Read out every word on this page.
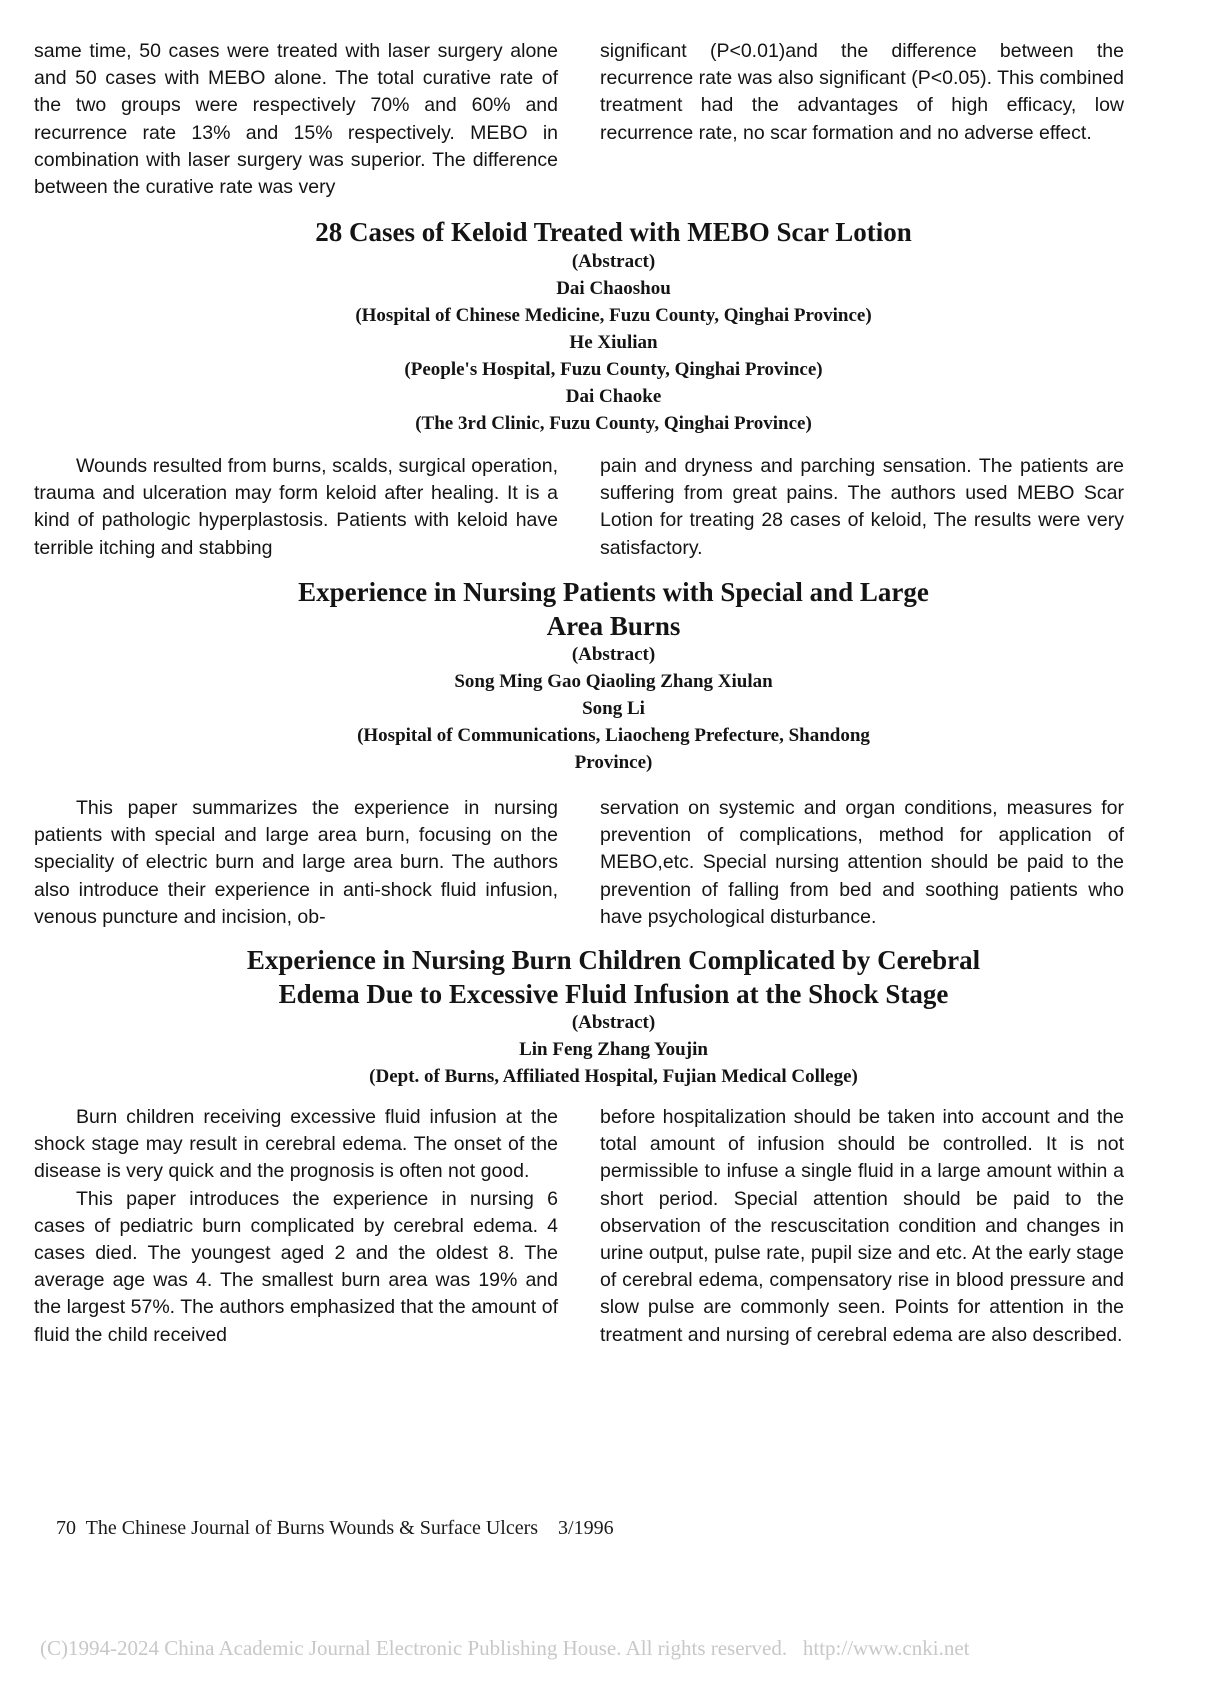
same time, 50 cases were treated with laser surgery alone and 50 cases with MEBO alone. The total curative rate of the two groups were respectively 70% and 60% and recurrence rate 13% and 15% respectively. MEBO in combination with laser surgery was superior. The difference between the curative rate was very

significant (P<0.01)and the difference between the recurrence rate was also significant (P<0.05). This combined treatment had the advantages of high efficacy, low recurrence rate, no scar formation and no adverse effect.

28 Cases of Keloid Treated with MEBO Scar Lotion
(Abstract)
Dai Chaoshou
(Hospital of Chinese Medicine, Fuzu County, Qinghai Province)
He Xiulian
(People's Hospital, Fuzu County, Qinghai Province)
Dai Chaoke
(The 3rd Clinic, Fuzu County, Qinghai Province)

Wounds resulted from burns, scalds, surgical operation, trauma and ulceration may form keloid after healing. It is a kind of pathologic hyperplastosis. Patients with keloid have terrible itching and stabbing

pain and dryness and parching sensation. The patients are suffering from great pains. The authors used MEBO Scar Lotion for treating 28 cases of keloid, The results were very satisfactory.

Experience in Nursing Patients with Special and Large
Area Burns
(Abstract)
Song Ming Gao Qiaoling Zhang Xiulan
Song Li
(Hospital of Communications, Liaocheng Prefecture, Shandong
Province)

This paper summarizes the experience in nursing patients with special and large area burn, focusing on the speciality of electric burn and large area burn. The authors also introduce their experience in anti-shock fluid infusion, venous puncture and incision, ob-

servation on systemic and organ conditions, measures for prevention of complications, method for application of MEBO,etc. Special nursing attention should be paid to the prevention of falling from bed and soothing patients who have psychological disturbance.

Experience in Nursing Burn Children Complicated by Cerebral
Edema Due to Excessive Fluid Infusion at the Shock Stage
(Abstract)
Lin Feng Zhang Youjin
(Dept. of Burns, Affiliated Hospital, Fujian Medical College)

Burn children receiving excessive fluid infusion at the shock stage may result in cerebral edema. The onset of the disease is very quick and the prognosis is often not good.

This paper introduces the experience in nursing 6 cases of pediatric burn complicated by cerebral edema. 4 cases died. The youngest aged 2 and the oldest 8. The average age was 4. The smallest burn area was 19% and the largest 57%. The authors emphasized that the amount of fluid the child received

before hospitalization should be taken into account and the total amount of infusion should be controlled. It is not permissible to infuse a single fluid in a large amount within a short period. Special attention should be paid to the observation of the rescuscitation condition and changes in urine output, pulse rate, pupil size and etc. At the early stage of cerebral edema, compensatory rise in blood pressure and slow pulse are commonly seen. Points for attention in the treatment and nursing of cerebral edema are also described.

70 The Chinese Journal of Burns Wounds & Surface Ulcers 3/1996
(C)1994-2024 China Academic Journal Electronic Publishing House. All rights reserved. http://www.cnki.net
